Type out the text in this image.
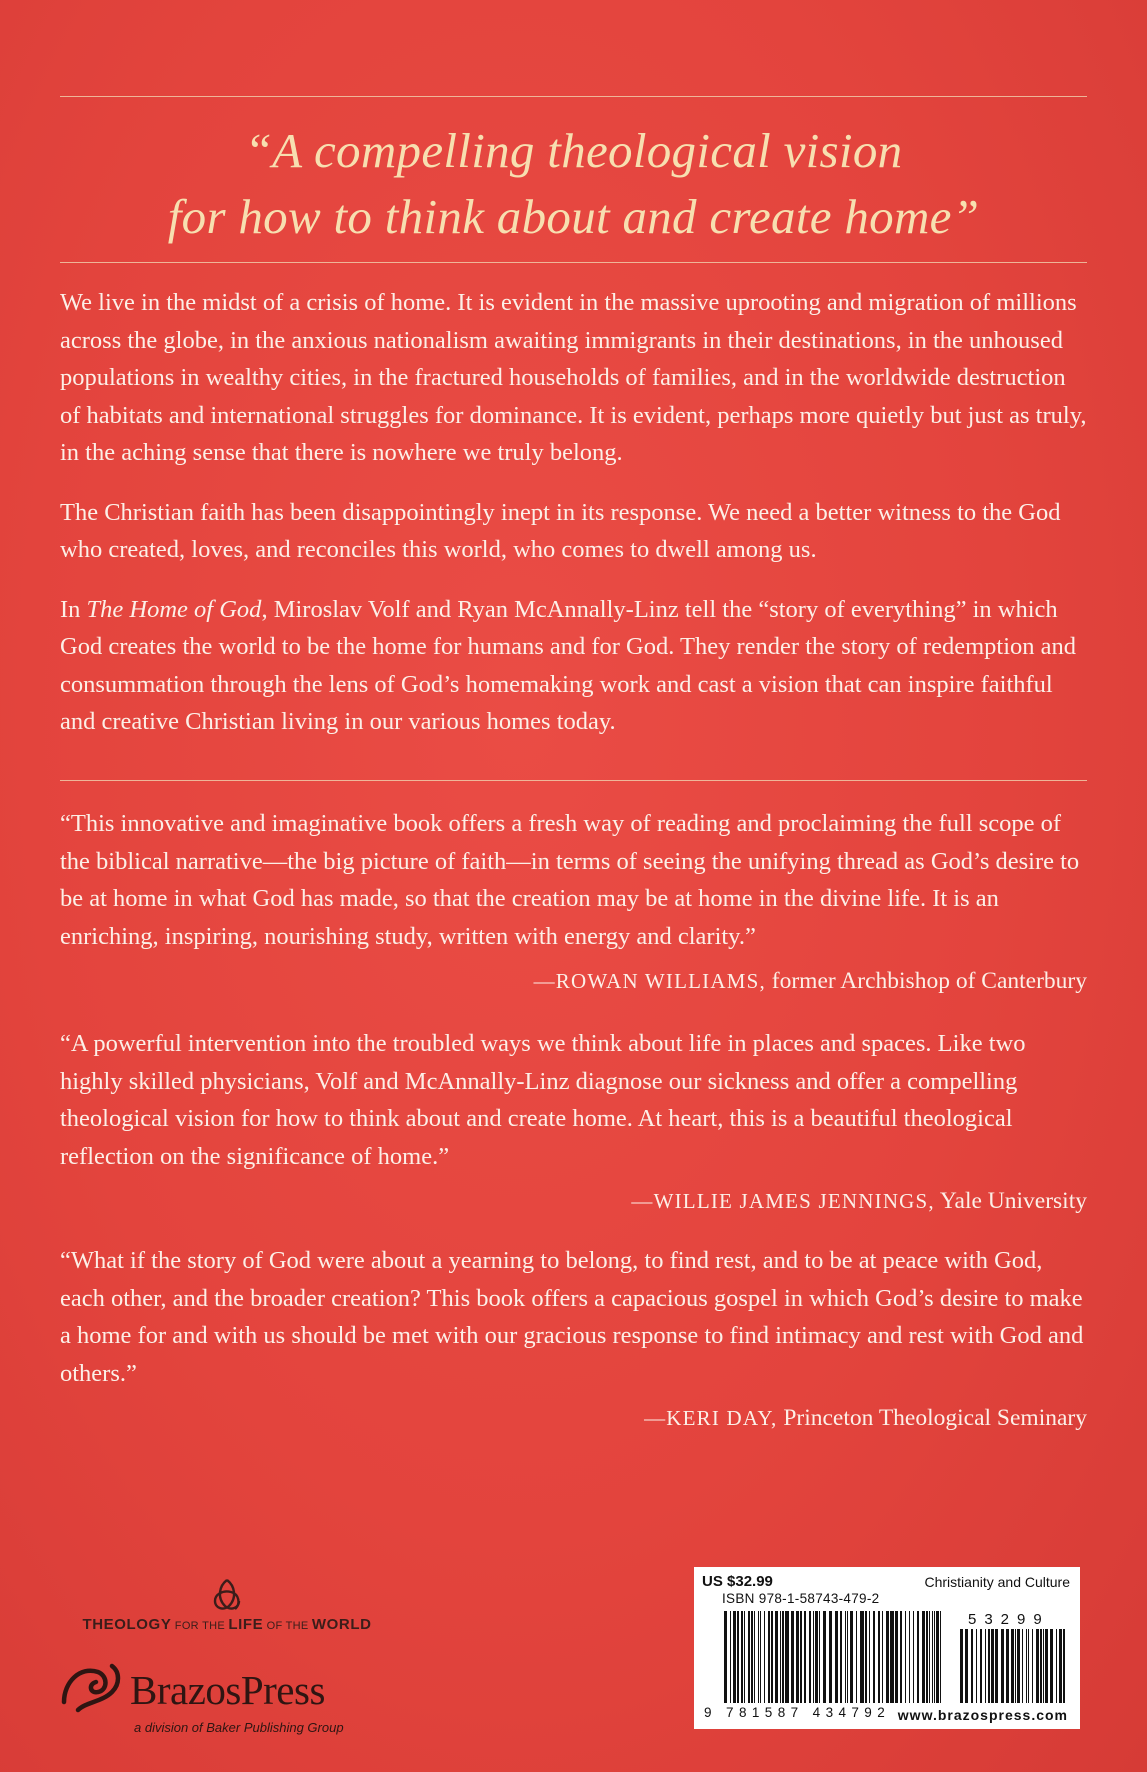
“A compelling theological vision
for how to think about and create home”

We live in the midst of a crisis of home. It is evident in the massive uprooting and migration of millions across the globe, in the anxious nationalism awaiting immigrants in their destinations, in the unhoused populations in wealthy cities, in the fractured households of families, and in the worldwide destruction of habitats and international struggles for dominance. It is evident, perhaps more quietly but just as truly, in the aching sense that there is nowhere we truly belong.

The Christian faith has been disappointingly inept in its response. We need a better witness to the God who created, loves, and reconciles this world, who comes to dwell among us.

In The Home of God, Miroslav Volf and Ryan McAnnally-Linz tell the “story of everything” in which God creates the world to be the home for humans and for God. They render the story of redemption and consummation through the lens of God’s homemaking work and cast a vision that can inspire faithful and creative Christian living in our various homes today.

“This innovative and imaginative book offers a fresh way of reading and proclaiming the full scope of the biblical narrative—the big picture of faith—in terms of seeing the unifying thread as God’s desire to be at home in what God has made, so that the creation may be at home in the divine life. It is an enriching, inspiring, nourishing study, written with energy and clarity.”
—ROWAN WILLIAMS, former Archbishop of Canterbury
“A powerful intervention into the troubled ways we think about life in places and spaces. Like two highly skilled physicians, Volf and McAnnally-Linz diagnose our sickness and offer a compelling theological vision for how to think about and create home. At heart, this is a beautiful theological reflection on the significance of home.”
—WILLIE JAMES JENNINGS, Yale University
“What if the story of God were about a yearning to belong, to find rest, and to be at peace with God, each other, and the broader creation? This book offers a capacious gospel in which God’s desire to make a home for and with us should be met with our gracious response to find intimacy and rest with God and others.”
—KERI DAY, Princeton Theological Seminary
THEOLOGY FOR THE LIFE OF THE WORLD
BrazosPress
a division of Baker Publishing Group
US $32.99	Christianity and Culture
ISBN 978-1-58743-479-2
53299
9 781587 434792 www.brazospress.com
